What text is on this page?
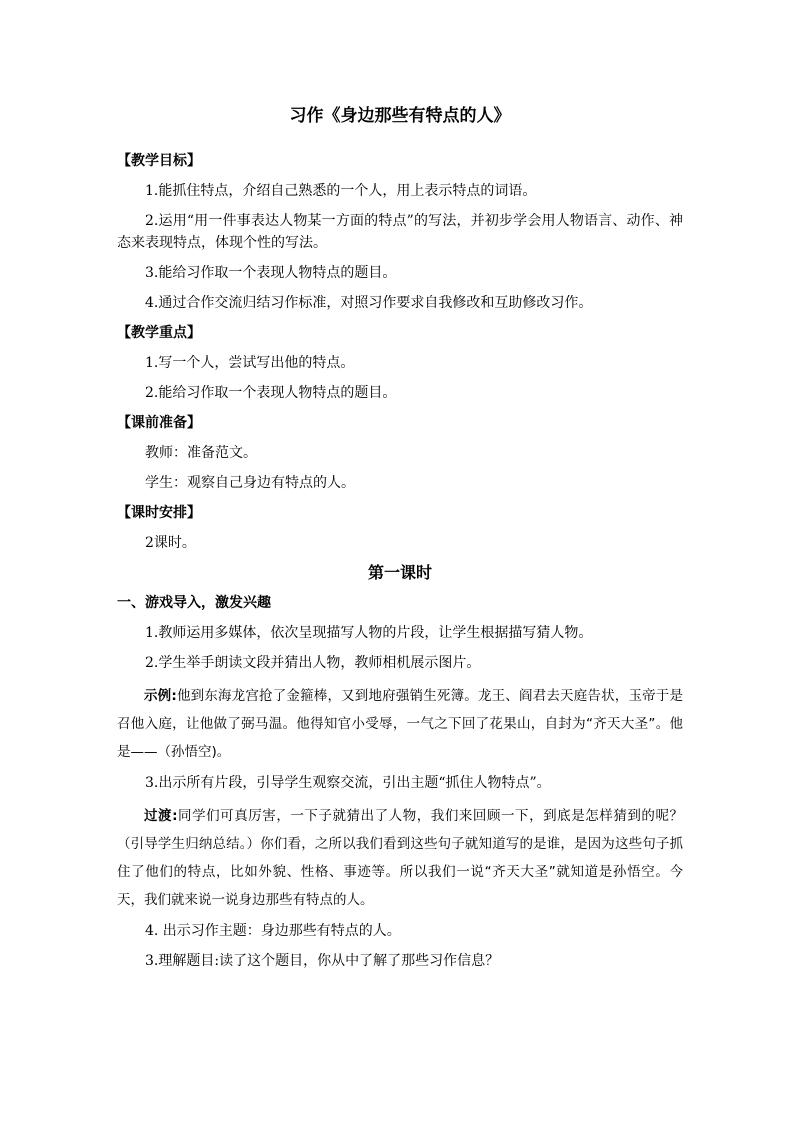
习作《身边那些有特点的人》
【教学目标】
1.能抓住特点，介绍自己熟悉的一个人，用上表示特点的词语。
2.运用“用一件事表达人物某一方面的特点”的写法，并初步学会用人物语言、动作、神态来表现特点，体现个性的写法。
3.能给习作取一个表现人物特点的题目。
4.通过合作交流归结习作标准，对照习作要求自我修改和互助修改习作。
【教学重点】
1.写一个人，尝试写出他的特点。
2.能给习作取一个表现人物特点的题目。
【课前准备】
教师：准备范文。
学生：观察自己身边有特点的人。
【课时安排】
2课时。
第一课时
一、游戏导入，激发兴趣
1.教师运用多媒体，依次呈现描写人物的片段，让学生根据描写猜人物。
2.学生举手朗读文段并猜出人物，教师相机展示图片。
示例:他到东海龙宫抢了金箍棒，又到地府强销生死簿。龙王、阎君去天庭告状，玉帝于是召他入庭，让他做了弼马温。他得知官小受辱，一气之下回了花果山，自封为“齐天大圣”。他是——（孙悟空)。
3.出示所有片段，引导学生观察交流，引出主题“抓住人物特点”。
过渡:同学们可真厉害，一下子就猜出了人物，我们来回顾一下，到底是怎样猜到的呢？（引导学生归纳总结。）你们看，之所以我们看到这些句子就知道写的是谁，是因为这些句子抓住了他们的特点，比如外貌、性格、事迹等。所以我们一说“齐天大圣”就知道是孙悟空。今天，我们就来说一说身边那些有特点的人。
4. 出示习作主题：身边那些有特点的人。
3.理解题目:读了这个题目，你从中了解了那些习作信息？
